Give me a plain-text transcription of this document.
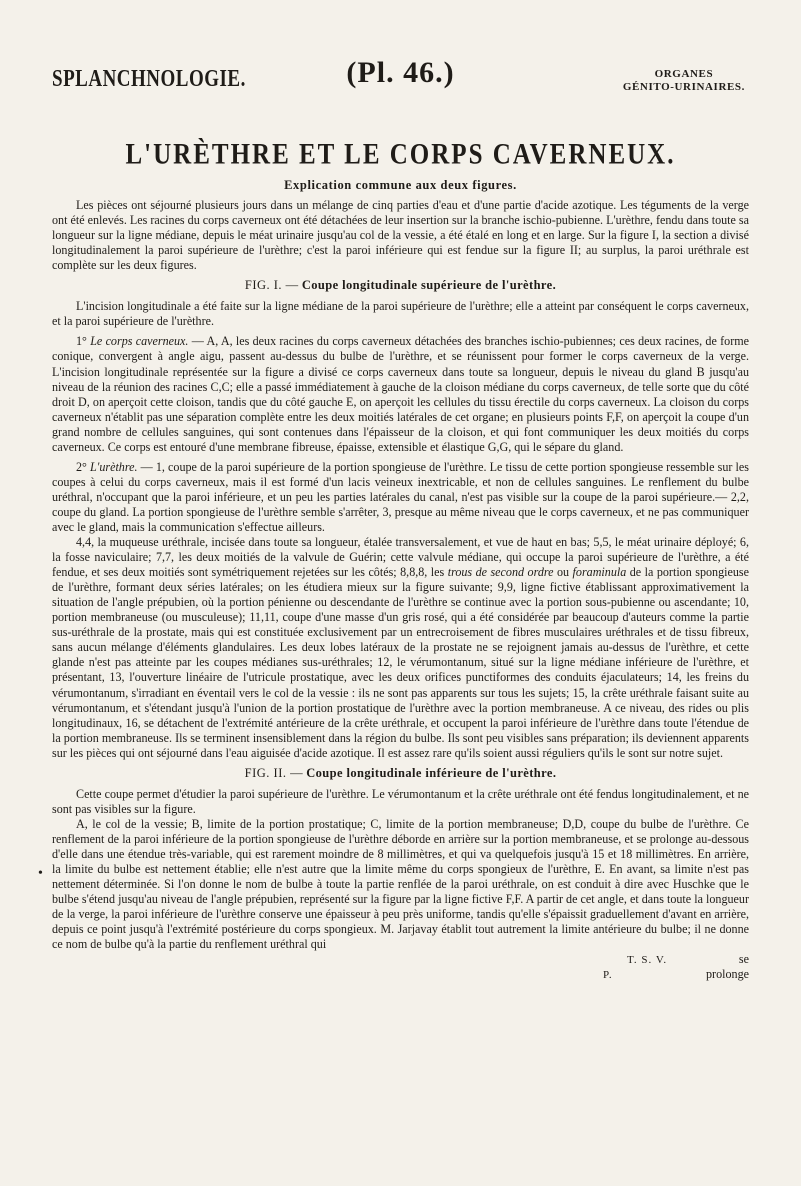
SPLANCHNOLOGIE.	(Pl. 46.)	ORGANES
GÉNITO-URINAIRES.
L'URÈTHRE ET LE CORPS CAVERNEUX.
Explication commune aux deux figures.

Les pièces ont séjourné plusieurs jours dans un mélange de cinq parties d'eau et d'une partie d'acide azotique. Les téguments de la verge ont été enlevés. Les racines du corps caverneux ont été détachées de leur insertion sur la branche ischio-pubienne. L'urèthre, fendu dans toute sa longueur sur la ligne médiane, depuis le méat urinaire jusqu'au col de la vessie, a été étalé en long et en large. Sur la figure I, la section a divisé longitudinalement la paroi supérieure de l'urèthre; c'est la paroi inférieure qui est fendue sur la figure II; au surplus, la paroi uréthrale est complète sur les deux figures.

FIG. I. — Coupe longitudinale supérieure de l'urèthre.

L'incision longitudinale a été faite sur la ligne médiane de la paroi supérieure de l'urèthre; elle a atteint par conséquent le corps caverneux, et la paroi supérieure de l'urèthre.

1° Le corps caverneux. — A, A, les deux racines du corps caverneux détachées des branches ischio-pubiennes; ces deux racines, de forme conique, convergent à angle aigu, passent au-dessus du bulbe de l'urèthre, et se réunissent pour former le corps caverneux de la verge. L'incision longitudinale représentée sur la figure a divisé ce corps caverneux dans toute sa longueur, depuis le niveau du gland B jusqu'au niveau de la réunion des racines C,C; elle a passé immédiatement à gauche de la cloison médiane du corps caverneux, de telle sorte que du côté droit D, on aperçoit cette cloison, tandis que du côté gauche E, on aperçoit les cellules du tissu érectile du corps caverneux. La cloison du corps caverneux n'établit pas une séparation complète entre les deux moitiés latérales de cet organe; en plusieurs points F,F, on aperçoit la coupe d'un grand nombre de cellules sanguines, qui sont contenues dans l'épaisseur de la cloison, et qui font communiquer les deux moitiés du corps caverneux. Ce corps est entouré d'une membrane fibreuse, épaisse, extensible et élastique G,G, qui le sépare du gland.

2° L'urèthre. — 1, coupe de la paroi supérieure de la portion spongieuse de l'urèthre. Le tissu de cette portion spongieuse ressemble sur les coupes à celui du corps caverneux, mais il est formé d'un lacis veineux inextricable, et non de cellules sanguines. Le renflement du bulbe uréthral, n'occupant que la paroi inférieure, et un peu les parties latérales du canal, n'est pas visible sur la coupe de la paroi supérieure.— 2,2, coupe du gland. La portion spongieuse de l'urèthre semble s'arrêter, 3, presque au même niveau que le corps caverneux, et ne pas communiquer avec le gland, mais la communication s'effectue ailleurs.

4,4, la muqueuse uréthrale, incisée dans toute sa longueur, étalée transversalement, et vue de haut en bas; 5,5, le méat urinaire déployé; 6, la fosse naviculaire; 7,7, les deux moitiés de la valvule de Guérin; cette valvule médiane, qui occupe la paroi supérieure de l'urèthre, a été fendue, et ses deux moitiés sont symétriquement rejetées sur les côtés; 8,8,8, les trous de second ordre ou foraminula de la portion spongieuse de l'urèthre, formant deux séries latérales; on les étudiera mieux sur la figure suivante; 9,9, ligne fictive établissant approximativement la situation de l'angle prépubien, où la portion pénienne ou descendante de l'urèthre se continue avec la portion sous-pubienne ou ascendante; 10, portion membraneuse (ou musculeuse); 11,11, coupe d'une masse d'un gris rosé, qui a été considérée par beaucoup d'auteurs comme la partie sus-uréthrale de la prostate, mais qui est constituée exclusivement par un entrecroisement de fibres musculaires uréthrales et de tissu fibreux, sans aucun mélange d'éléments glandulaires. Les deux lobes latéraux de la prostate ne se rejoignent jamais au-dessus de l'urèthre, et cette glande n'est pas atteinte par les coupes médianes sus-uréthrales; 12, le vérumontanum, situé sur la ligne médiane inférieure de l'urèthre, et présentant, 13, l'ouverture linéaire de l'utricule prostatique, avec les deux orifices punctiformes des conduits éjaculateurs; 14, les freins du vérumontanum, s'irradiant en éventail vers le col de la vessie : ils ne sont pas apparents sur tous les sujets; 15, la crête uréthrale faisant suite au vérumontanum, et s'étendant jusqu'à l'union de la portion prostatique de l'urèthre avec la portion membraneuse. A ce niveau, des rides ou plis longitudinaux, 16, se détachent de l'extrémité antérieure de la crête uréthrale, et occupent la paroi inférieure de l'urèthre dans toute l'étendue de la portion membraneuse. Ils se terminent insensiblement dans la région du bulbe. Ils sont peu visibles sans préparation; ils deviennent apparents sur les pièces qui ont séjourné dans l'eau aiguisée d'acide azotique. Il est assez rare qu'ils soient aussi réguliers qu'ils le sont sur notre sujet.

FIG. II. — Coupe longitudinale inférieure de l'urèthre.

Cette coupe permet d'étudier la paroi supérieure de l'urèthre. Le vérumontanum et la crête uréthrale ont été fendus longitudinalement, et ne sont pas visibles sur la figure.

A, le col de la vessie; B, limite de la portion prostatique; C, limite de la portion membraneuse; D,D, coupe du bulbe de l'urèthre. Ce renflement de la paroi inférieure de la portion spongieuse de l'urèthre déborde en arrière sur la portion membraneuse, et se prolonge au-dessous d'elle dans une étendue très-variable, qui est rarement moindre de 8 millimètres, et qui va quelquefois jusqu'à 15 et 18 millimètres. En arrière, la limite du bulbe est nettement établie; elle n'est autre que la limite même du corps spongieux de l'urèthre, E. En avant, sa limite n'est pas nettement déterminée. Si l'on donne le nom de bulbe à toute la partie renflée de la paroi uréthrale, on est conduit à dire avec Huschke que le bulbe s'étend jusqu'au niveau de l'angle prépubien, représenté sur la figure par la ligne fictive F,F. A partir de cet angle, et dans toute la longueur de la verge, la paroi inférieure de l'urèthre conserve une épaisseur à peu près uniforme, tandis qu'elle s'épaissit graduellement d'avant en arrière, depuis ce point jusqu'à l'extrémité postérieure du corps spongieux. M. Jarjavay établit tout autrement la limite antérieure du bulbe; il ne donne ce nom de bulbe qu'à la partie du renflement uréthral qui

T. S. V. P.se prolonge

•
